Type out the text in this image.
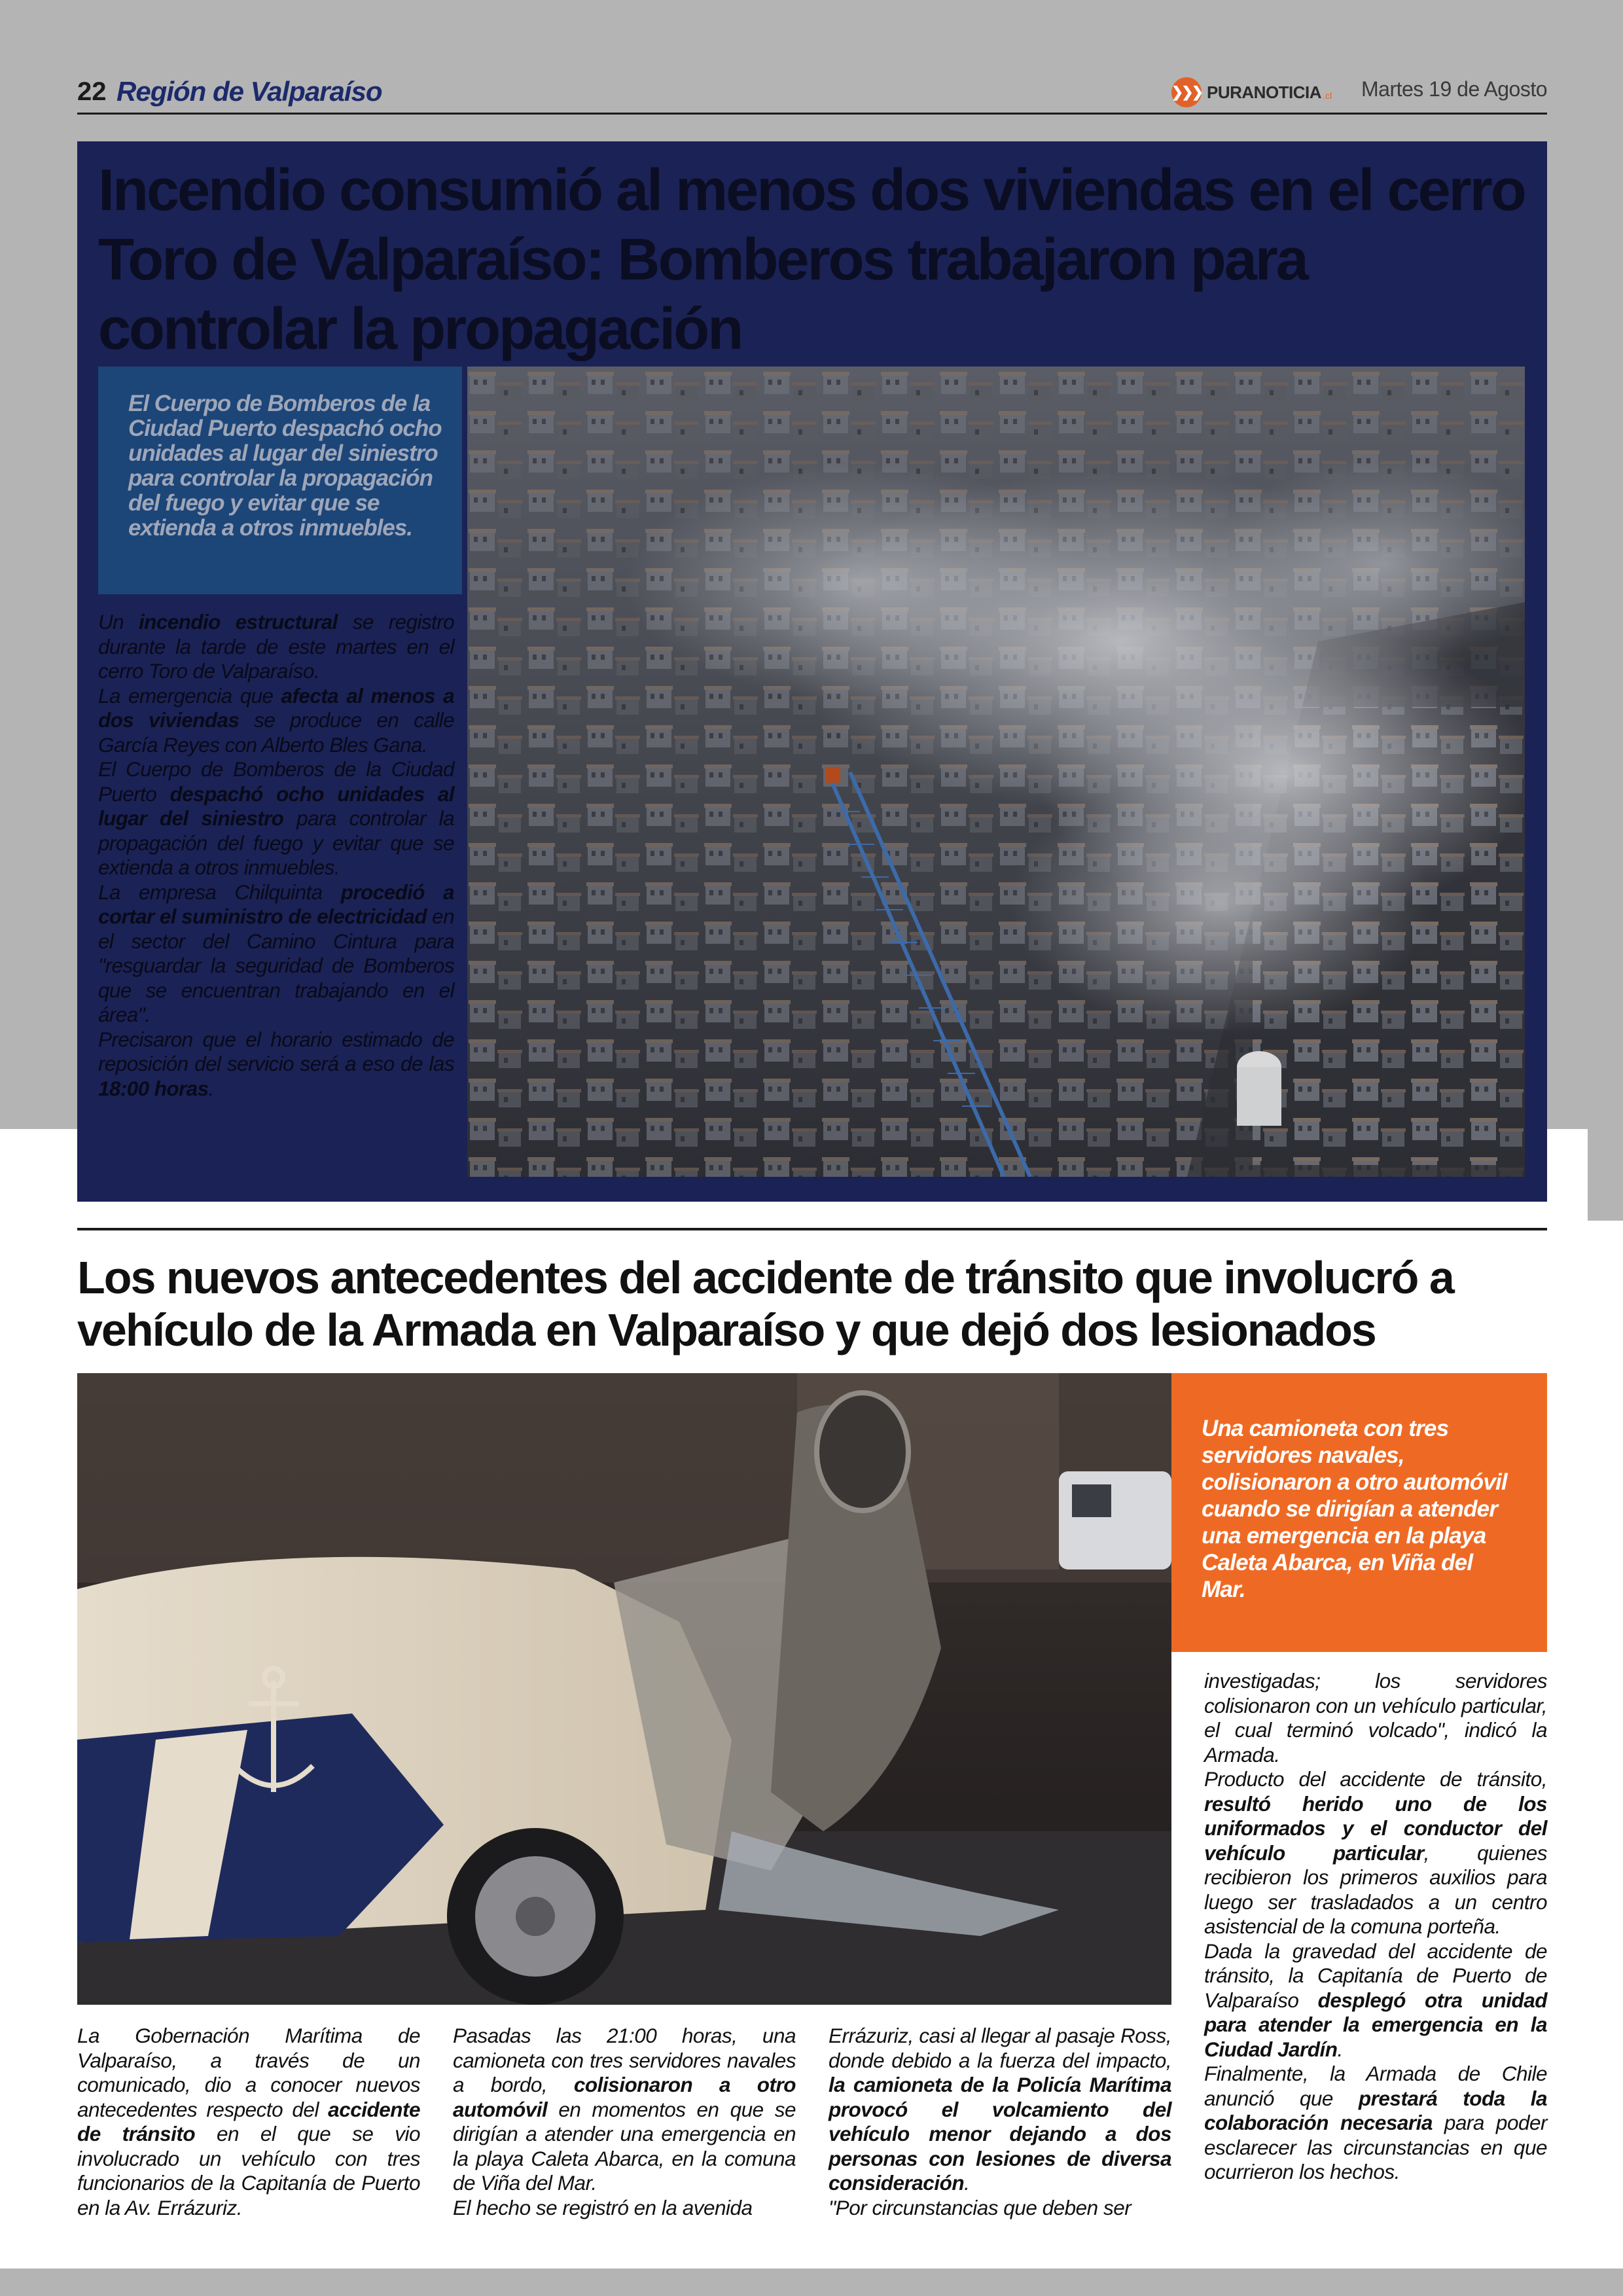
22 Región de Valparaíso	❯❯❯ PURANOTICIA .cl Martes 19 de Agosto
Incendio consumió al menos dos viviendas en el cerro Toro de Valparaíso: Bomberos trabajaron para controlar la propagación
El Cuerpo de Bomberos de la Ciudad Puerto despachó ocho unidades al lugar del siniestro para controlar la propagación del fuego y evitar que se extienda a otros inmuebles.

Un incendio estructural se registro durante la tarde de este martes en el cerro Toro de Valparaíso.

La emergencia que afecta al menos a dos viviendas se produce en calle García Reyes con Alberto Bles Gana.

El Cuerpo de Bomberos de la Ciudad Puerto despachó ocho unidades al lugar del siniestro para controlar la propagación del fuego y evitar que se extienda a otros inmuebles.

La empresa Chilquinta procedió a cortar el suministro de electricidad en el sector del Camino Cintura para "resguardar la seguridad de Bomberos que se encuentran trabajando en el área".

Precisaron que el horario estimado de reposición del servicio será a eso de las 18:00 horas.

Los nuevos antecedentes del accidente de tránsito que involucró a vehículo de la Armada en Valparaíso y que dejó dos lesionados
Una camioneta con tres servidores navales, colisionaron a otro automóvil cuando se dirigían a atender una emergencia en la playa Caleta Abarca, en Viña del Mar.

La Gobernación Marítima de Valparaíso, a través de un comunicado, dio a conocer nuevos antecedentes respecto del accidente de tránsito en el que se vio involucrado un vehículo con tres funcionarios de la Capitanía de Puerto en la Av. Errázuriz.

Pasadas las 21:00 horas, una camioneta con tres servidores navales a bordo, colisionaron a otro automóvil en momentos en que se dirigían a atender una emergencia en la playa Caleta Abarca, en la comuna de Viña del Mar.

El hecho se registró en la avenida

Errázuriz, casi al llegar al pasaje Ross, donde debido a la fuerza del impacto, la camioneta de la Policía Marítima provocó el volcamiento del vehículo menor dejando a dos personas con lesiones de diversa consideración.

"Por circunstancias que deben ser

investigadas; los servidores colisionaron con un vehículo particular, el cual terminó volcado", indicó la Armada.

Producto del accidente de tránsito, resultó herido uno de los uniformados y el conductor del vehículo particular, quienes recibieron los primeros auxilios para luego ser trasladados a un centro asistencial de la comuna porteña.

Dada la gravedad del accidente de tránsito, la Capitanía de Puerto de Valparaíso desplegó otra unidad para atender la emergencia en la Ciudad Jardín.

Finalmente, la Armada de Chile anunció que prestará toda la colaboración necesaria para poder esclarecer las circunstancias en que ocurrieron los hechos.
